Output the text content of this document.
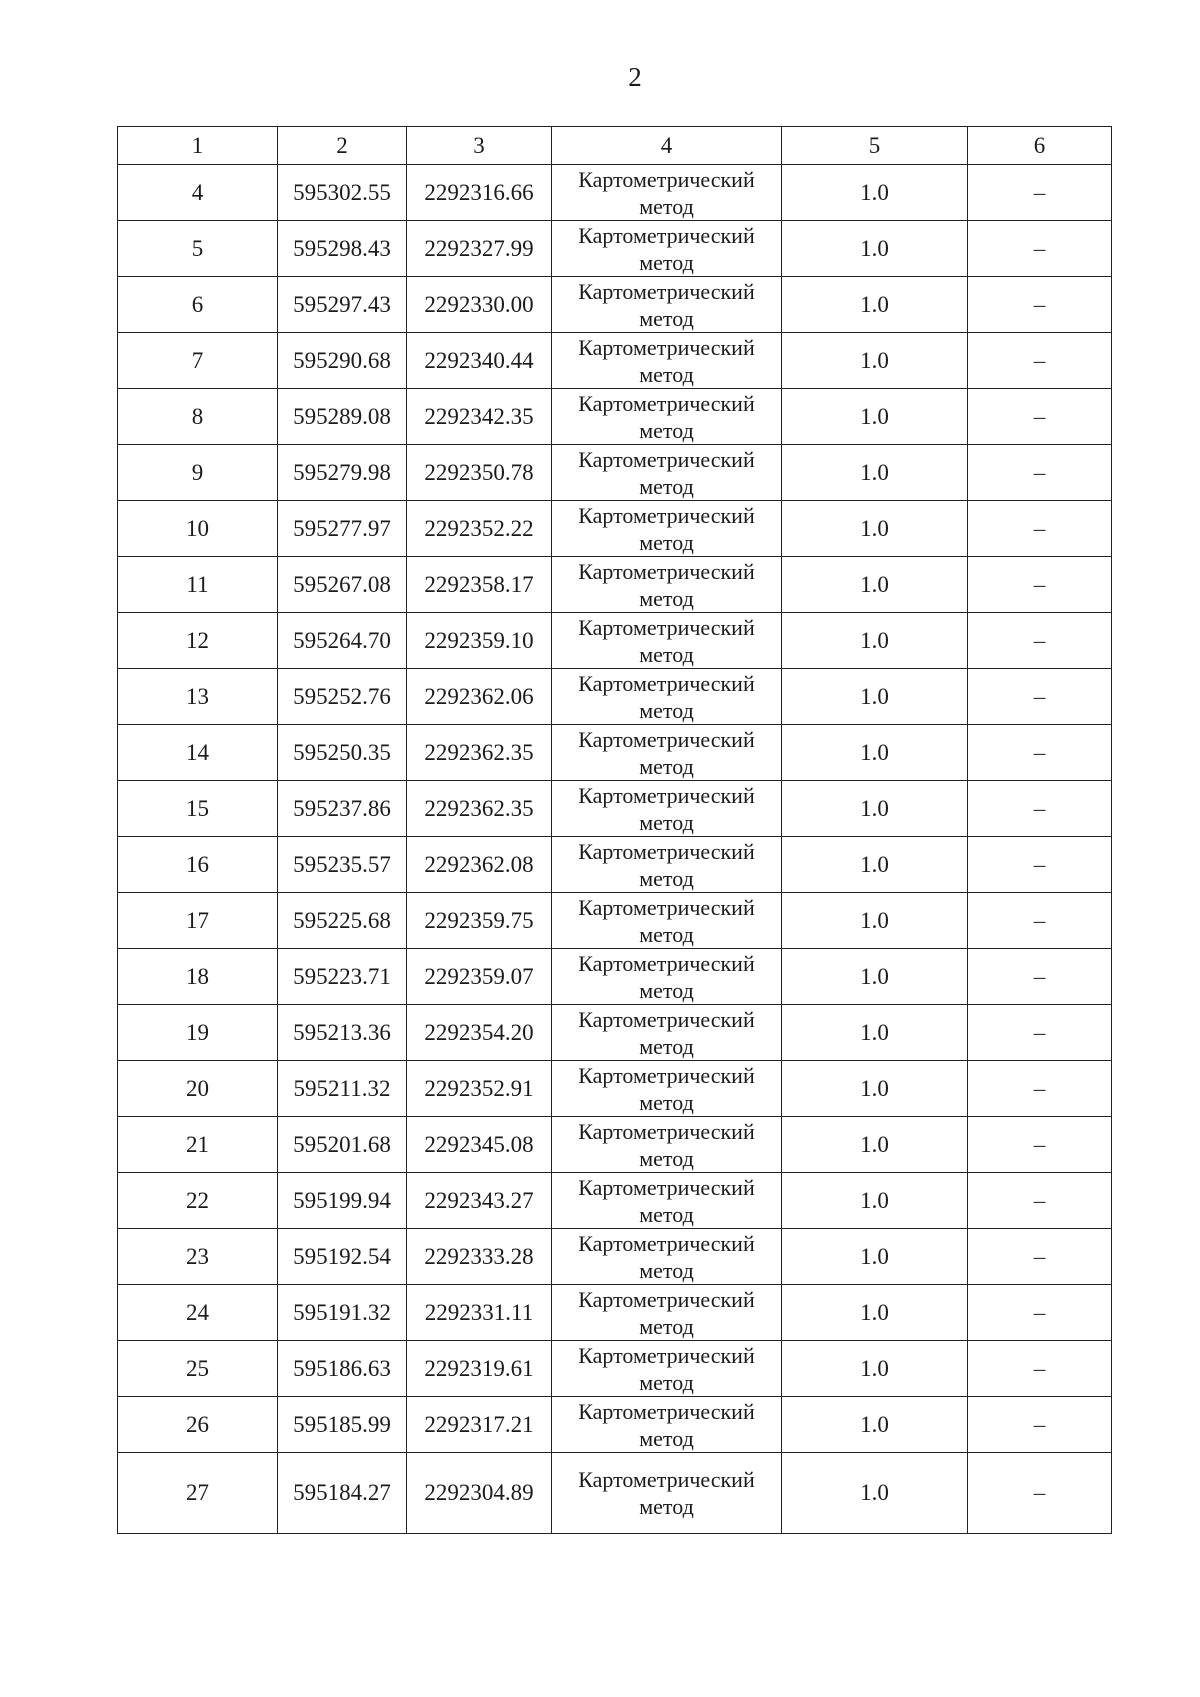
2
1	2	3	4	5	6
4	595302.55	2292316.66	Картометрический
метод	1.0	–
5	595298.43	2292327.99	Картометрический
метод	1.0	–
6	595297.43	2292330.00	Картометрический
метод	1.0	–
7	595290.68	2292340.44	Картометрический
метод	1.0	–
8	595289.08	2292342.35	Картометрический
метод	1.0	–
9	595279.98	2292350.78	Картометрический
метод	1.0	–
10	595277.97	2292352.22	Картометрический
метод	1.0	–
11	595267.08	2292358.17	Картометрический
метод	1.0	–
12	595264.70	2292359.10	Картометрический
метод	1.0	–
13	595252.76	2292362.06	Картометрический
метод	1.0	–
14	595250.35	2292362.35	Картометрический
метод	1.0	–
15	595237.86	2292362.35	Картометрический
метод	1.0	–
16	595235.57	2292362.08	Картометрический
метод	1.0	–
17	595225.68	2292359.75	Картометрический
метод	1.0	–
18	595223.71	2292359.07	Картометрический
метод	1.0	–
19	595213.36	2292354.20	Картометрический
метод	1.0	–
20	595211.32	2292352.91	Картометрический
метод	1.0	–
21	595201.68	2292345.08	Картометрический
метод	1.0	–
22	595199.94	2292343.27	Картометрический
метод	1.0	–
23	595192.54	2292333.28	Картометрический
метод	1.0	–
24	595191.32	2292331.11	Картометрический
метод	1.0	–
25	595186.63	2292319.61	Картометрический
метод	1.0	–
26	595185.99	2292317.21	Картометрический
метод	1.0	–
27	595184.27	2292304.89	Картометрический
метод	1.0	–
